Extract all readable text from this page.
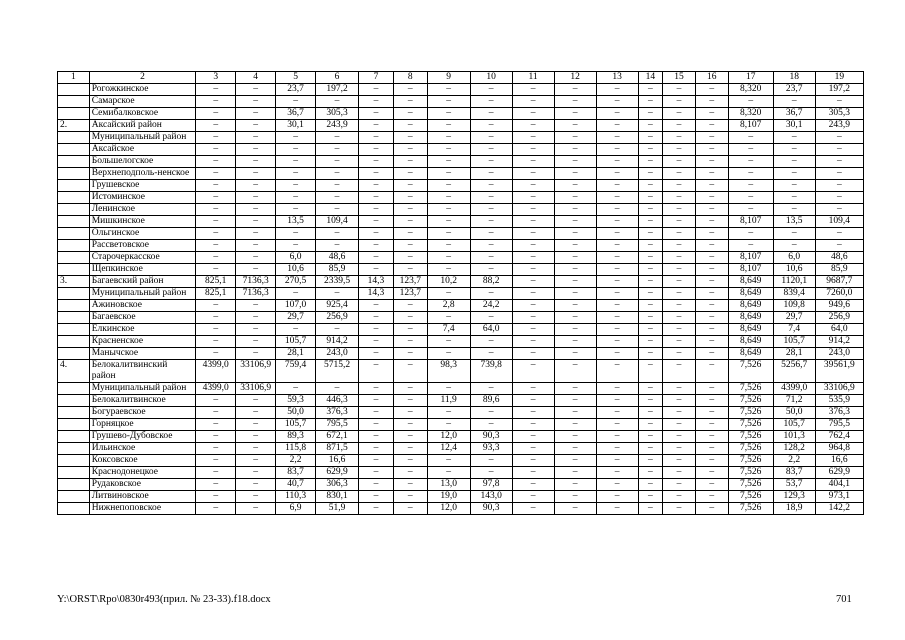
1	2	3	4	5	6	7	8	9	10	11	12	13	14	15	16	17	18	19
	Рогожкинское	–	–	23,7	197,2	–	–	–	–	–	–	–	–	–	–	8,320	23,7	197,2
	Самарское	–	–	–	–	–	–	–	–	–	–	–	–	–	–	–	–	–
	Семибалковское	–	–	36,7	305,3	–	–	–	–	–	–	–	–	–	–	8,320	36,7	305,3
2.	Аксайский район	–	–	30,1	243,9	–	–	–	–	–	–	–	–	–	–	8,107	30,1	243,9
	Муниципальный район	–	–	–	–	–	–	–	–	–	–	–	–	–	–	–	–	–
	Аксайское	–	–	–	–	–	–	–	–	–	–	–	–	–	–	–	–	–
	Большелогское	–	–	–	–	–	–	–	–	–	–	–	–	–	–	–	–	–
	Верхнеподполь-ненское	–	–	–	–	–	–	–	–	–	–	–	–	–	–	–	–	–
	Грушевское	–	–	–	–	–	–	–	–	–	–	–	–	–	–	–	–	–
	Истоминское	–	–	–	–	–	–	–	–	–	–	–	–	–	–	–	–	–
	Ленинское	–	–	–	–	–	–	–	–	–	–	–	–	–	–	–	–	–
	Мишкинское	–	–	13,5	109,4	–	–	–	–	–	–	–	–	–	–	8,107	13,5	109,4
	Ольгинское	–	–	–	–	–	–	–	–	–	–	–	–	–	–	–	–	–
	Рассветовское	–	–	–	–	–	–	–	–	–	–	–	–	–	–	–	–	–
	Старочеркасское	–	–	6,0	48,6	–	–	–	–	–	–	–	–	–	–	8,107	6,0	48,6
	Щепкинское	–	–	10,6	85,9	–	–	–	–	–	–	–	–	–	–	8,107	10,6	85,9
3.	Багаевский район	825,1	7136,3	270,5	2339,5	14,3	123,7	10,2	88,2	–	–	–	–	–	–	8,649	1120,1	9687,7
	Муниципальный район	825,1	7136,3	–	–	14,3	123,7	–	–	–	–	–	–	–	–	8,649	839,4	7260,0
	Ажиновское	–	–	107,0	925,4	–	–	2,8	24,2	–	–	–	–	–	–	8,649	109,8	949,6
	Багаевское	–	–	29,7	256,9	–	–	–	–	–	–	–	–	–	–	8,649	29,7	256,9
	Елкинское	–	–	–	–	–	–	7,4	64,0	–	–	–	–	–	–	8,649	7,4	64,0
	Красненское	–	–	105,7	914,2	–	–	–	–	–	–	–	–	–	–	8,649	105,7	914,2
	Манычское	–	–	28,1	243,0	–	–	–	–	–	–	–	–	–	–	8,649	28,1	243,0
4.	Белокалитвинский район	4399,0	33106,9	759,4	5715,2	–	–	98,3	739,8	–	–	–	–	–	–	7,526	5256,7	39561,9
	Муниципальный район	4399,0	33106,9	–	–	–	–	–	–	–	–	–	–	–	–	7,526	4399,0	33106,9
	Белокалитвинское	–	–	59,3	446,3	–	–	11,9	89,6	–	–	–	–	–	–	7,526	71,2	535,9
	Богураевское	–	–	50,0	376,3	–	–	–	–	–	–	–	–	–	–	7,526	50,0	376,3
	Горняцкое	–	–	105,7	795,5	–	–	–	–	–	–	–	–	–	–	7,526	105,7	795,5
	Грушево-Дубовское	–	–	89,3	672,1	–	–	12,0	90,3	–	–	–	–	–	–	7,526	101,3	762,4
	Ильинское	–	–	115,8	871,5	–	–	12,4	93,3	–	–	–	–	–	–	7,526	128,2	964,8
	Коксовское	–	–	2,2	16,6	–	–	–	–	–	–	–	–	–	–	7,526	2,2	16,6
	Краснодонецкое	–	–	83,7	629,9	–	–	–	–	–	–	–	–	–	–	7,526	83,7	629,9
	Рудаковское	–	–	40,7	306,3	–	–	13,0	97,8	–	–	–	–	–	–	7,526	53,7	404,1
	Литвиновское	–	–	110,3	830,1	–	–	19,0	143,0	–	–	–	–	–	–	7,526	129,3	973,1
	Нижнепоповское	–	–	6,9	51,9	–	–	12,0	90,3	–	–	–	–	–	–	7,526	18,9	142,2
Y:\ORST\Rpo\0830r493(прил. № 23-33).f18.docx	701
